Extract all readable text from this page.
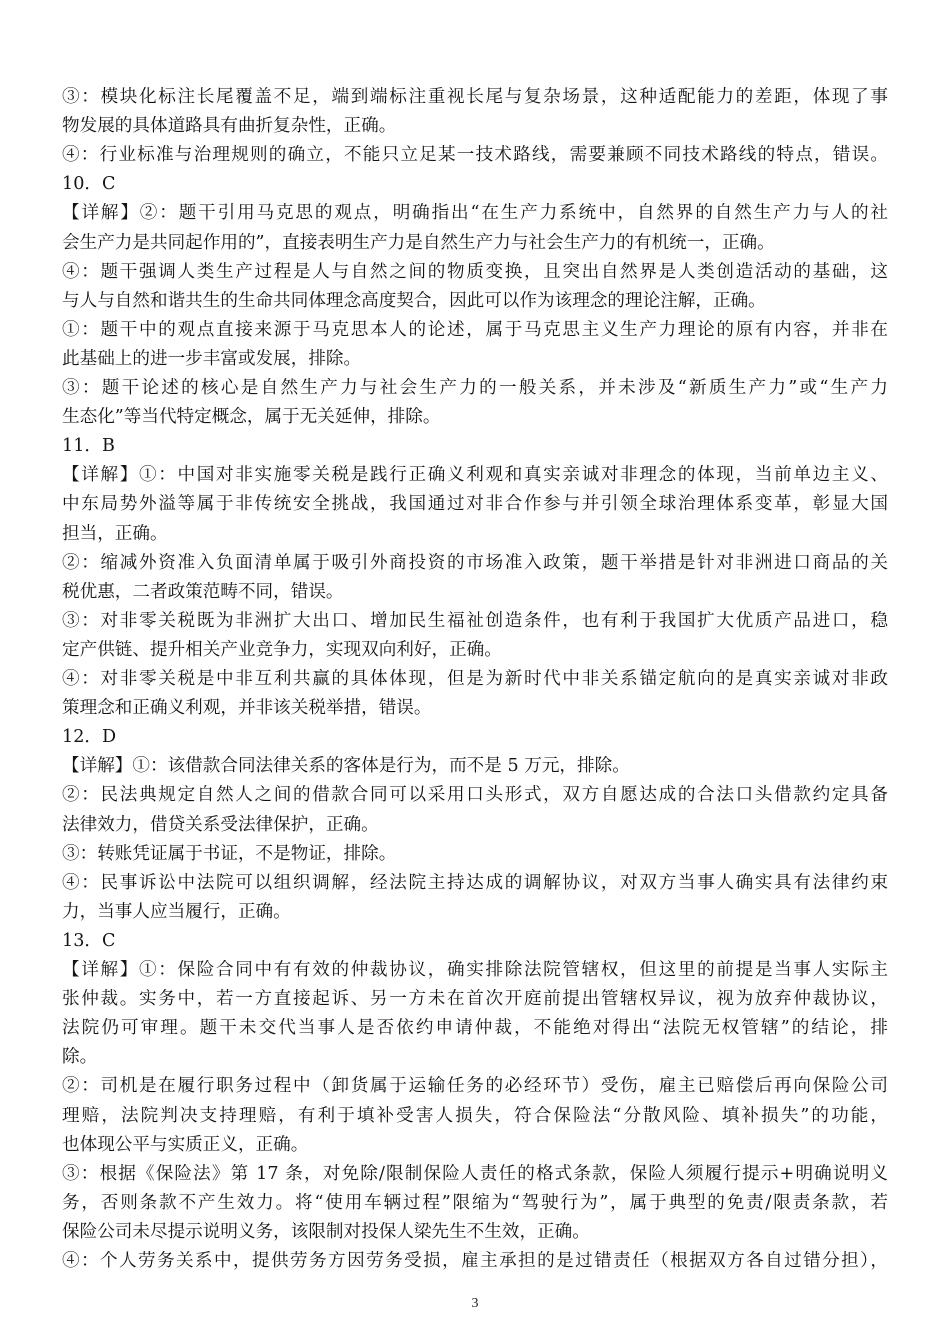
③：模块化标注长尾覆盖不足，端到端标注重视长尾与复杂场景，这种适配能力的差距，体现了事
物发展的具体道路具有曲折复杂性，正确。
④：行业标准与治理规则的确立，不能只立足某一技术路线，需要兼顾不同技术路线的特点，错误。
10．C
【详解】②：题干引用马克思的观点，明确指出“在生产力系统中，自然界的自然生产力与人的社
会生产力是共同起作用的”，直接表明生产力是自然生产力与社会生产力的有机统一，正确。
④：题干强调人类生产过程是人与自然之间的物质变换，且突出自然界是人类创造活动的基础，这
与人与自然和谐共生的生命共同体理念高度契合，因此可以作为该理念的理论注解，正确。
①：题干中的观点直接来源于马克思本人的论述，属于马克思主义生产力理论的原有内容，并非在
此基础上的进一步丰富或发展，排除。
③：题干论述的核心是自然生产力与社会生产力的一般关系，并未涉及“新质生产力”或“生产力
生态化”等当代特定概念，属于无关延伸，排除。
11．B
【详解】①：中国对非实施零关税是践行正确义利观和真实亲诚对非理念的体现，当前单边主义、
中东局势外溢等属于非传统安全挑战，我国通过对非合作参与并引领全球治理体系变革，彰显大国
担当，正确。
②：缩减外资准入负面清单属于吸引外商投资的市场准入政策，题干举措是针对非洲进口商品的关
税优惠，二者政策范畴不同，错误。
③：对非零关税既为非洲扩大出口、增加民生福祉创造条件，也有利于我国扩大优质产品进口，稳
定产供链、提升相关产业竞争力，实现双向利好，正确。
④：对非零关税是中非互利共赢的具体体现，但是为新时代中非关系锚定航向的是真实亲诚对非政
策理念和正确义利观，并非该关税举措，错误。
12．D
【详解】①：该借款合同法律关系的客体是行为，而不是 5 万元，排除。
②：民法典规定自然人之间的借款合同可以采用口头形式，双方自愿达成的合法口头借款约定具备
法律效力，借贷关系受法律保护，正确。
③：转账凭证属于书证，不是物证，排除。
④：民事诉讼中法院可以组织调解，经法院主持达成的调解协议，对双方当事人确实具有法律约束
力，当事人应当履行，正确。
13．C
【详解】①：保险合同中有有效的仲裁协议，确实排除法院管辖权，但这里的前提是当事人实际主
张仲裁。实务中，若一方直接起诉、另一方未在首次开庭前提出管辖权异议，视为放弃仲裁协议，
法院仍可审理。题干未交代当事人是否依约申请仲裁，不能绝对得出“法院无权管辖”的结论，排
除。
②：司机是在履行职务过程中（卸货属于运输任务的必经环节）受伤，雇主已赔偿后再向保险公司
理赔，法院判决支持理赔，有利于填补受害人损失，符合保险法“分散风险、填补损失”的功能，
也体现公平与实质正义，正确。
③：根据《保险法》第 17 条，对免除/限制保险人责任的格式条款，保险人须履行提示+明确说明义
务，否则条款不产生效力。将“使用车辆过程”限缩为“驾驶行为”，属于典型的免责/限责条款，若
保险公司未尽提示说明义务，该限制对投保人梁先生不生效，正确。
④：个人劳务关系中，提供劳务方因劳务受损，雇主承担的是过错责任（根据双方各自过错分担），
3
